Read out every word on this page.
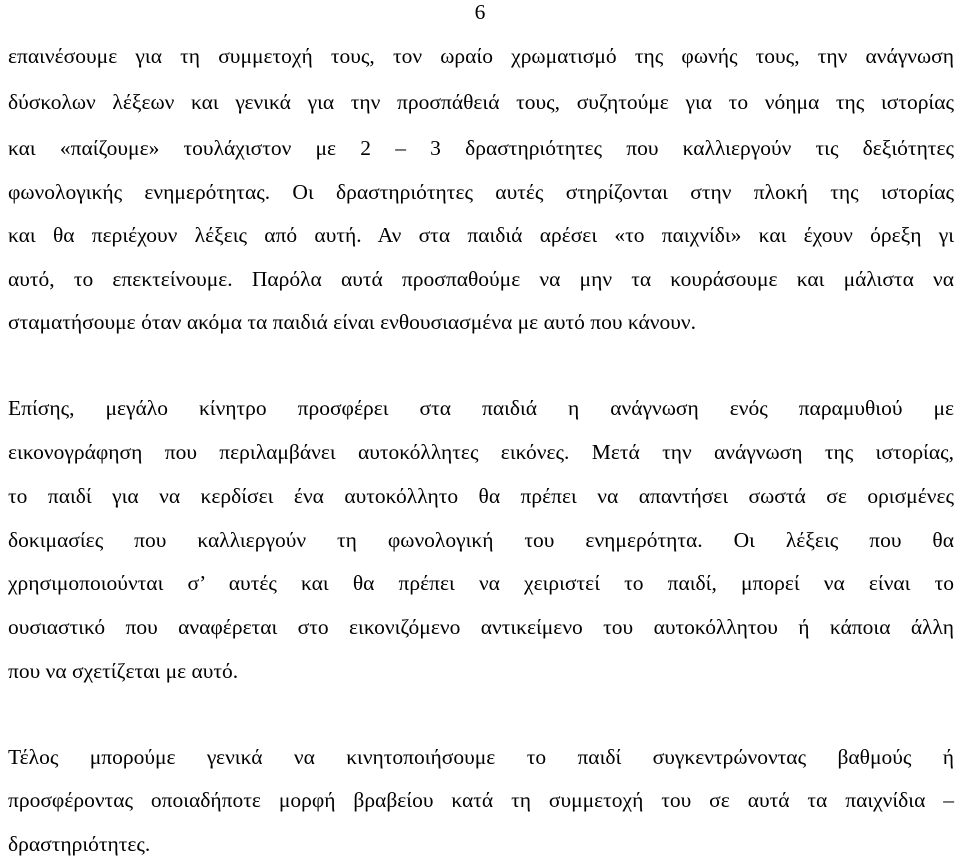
6
επαινέσουμε για τη συμμετοχή τους, τον ωραίο χρωματισμό της φωνής τους, την ανάγνωση
δύσκολων λέξεων και γενικά για την προσπάθειά τους, συζητούμε για το νόημα της ιστορίας
και «παίζουμε» τουλάχιστον με 2 – 3 δραστηριότητες που καλλιεργούν τις δεξιότητες
φωνολογικής ενημερότητας. Οι δραστηριότητες αυτές στηρίζονται στην πλοκή της ιστορίας
και θα περιέχουν λέξεις από αυτή. Αν στα παιδιά αρέσει «το παιχνίδι» και έχουν όρεξη γι
αυτό, το επεκτείνουμε. Παρόλα αυτά προσπαθούμε να μην τα κουράσουμε και μάλιστα να
σταματήσουμε όταν ακόμα τα παιδιά είναι ενθουσιασμένα με αυτό που κάνουν.
Επίσης, μεγάλο κίνητρο προσφέρει στα παιδιά η ανάγνωση ενός παραμυθιού με
εικονογράφηση που περιλαμβάνει αυτοκόλλητες εικόνες. Μετά την ανάγνωση της ιστορίας,
το παιδί για να κερδίσει ένα αυτοκόλλητο θα πρέπει να απαντήσει σωστά σε ορισμένες
δοκιμασίες που καλλιεργούν τη φωνολογική του ενημερότητα. Οι λέξεις που θα
χρησιμοποιούνται σ’ αυτές και θα πρέπει να χειριστεί το παιδί, μπορεί να είναι το
ουσιαστικό που αναφέρεται στο εικονιζόμενο αντικείμενο του αυτοκόλλητου ή κάποια άλλη
που να σχετίζεται με αυτό.
Τέλος μπορούμε γενικά να κινητοποιήσουμε το παιδί συγκεντρώνοντας βαθμούς ή
προσφέροντας οποιαδήποτε μορφή βραβείου κατά τη συμμετοχή του σε αυτά τα παιχνίδια –
δραστηριότητες.
